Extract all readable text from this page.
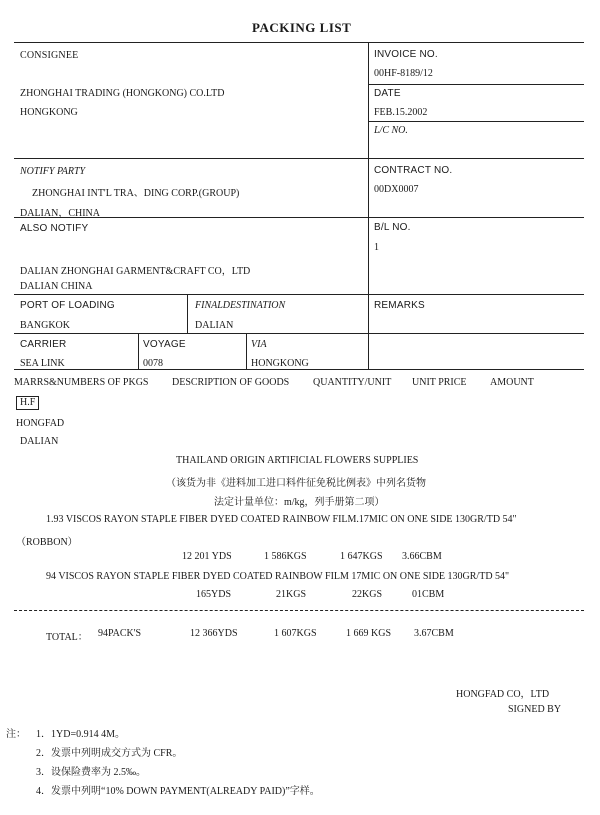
PACKING LIST
CONSIGNEE
ZHONGHAI TRADING (HONGKONG) CO.LTD
HONGKONG
INVOICE NO.
00HF-8189/12
DATE
FEB.15.2002
L/C NO.
NOTIFY PARTY
ZHONGHAI INT'L TRA、DING CORP.(GROUP)
DALIAN，CHINA
CONTRACT NO.
00DX0007
ALSO NOTIFY
DALIAN ZHONGHAI GARMENT&CRAFT CO，LTD
DALIAN CHINA
B/L NO.
1
PORT OF LOADING
BANGKOK
FINALDESTINATION
DALIAN
REMARKS
CARRIER
SEA LINK
VOYAGE
0078
VIA
HONGKONG
MARRS&NUMBERS OF PKGS DESCRIPTION OF GOODS QUANTITY/UNIT UNIT PRICE AMOUNT
H.F
HONGFAD
DALIAN
THAILAND ORIGIN ARTIFICIAL FLOWERS SUPPLIES
（该货为非《进料加工进口料件征免税比例表》中列名货物
法定计量单位：m/kg，列手册第二项）
1.93 VISCOS RAYON STAPLE FIBER DYED COATED RAINBOW FILM.17MIC ON ONE SIDE 130GR/TD 54"
（ROBBON）
12 201 YDS	1 586KGS	1 647KGS 3.66CBM
94 VISCOS RAYON STAPLE FIBER DYED COATED RAINBOW FILM 17MIC ON ONE SIDE 130GR/TD 54"
165YDS	21KGS	22KGS	01CBM
TOTAL： 94PACK'S	12 366YDS	1 607KGS	1 669 KGS 3.67CBM
HONGFAD CO，LTD
SIGNED BY
注： 1．1YD=0.914 4M。
2．发票中列明成交方式为 CFR。
3．设保险费率为 2.5‰。
4．发票中列明“10% DOWN PAYMENT(ALREADY PAID)”字样。
